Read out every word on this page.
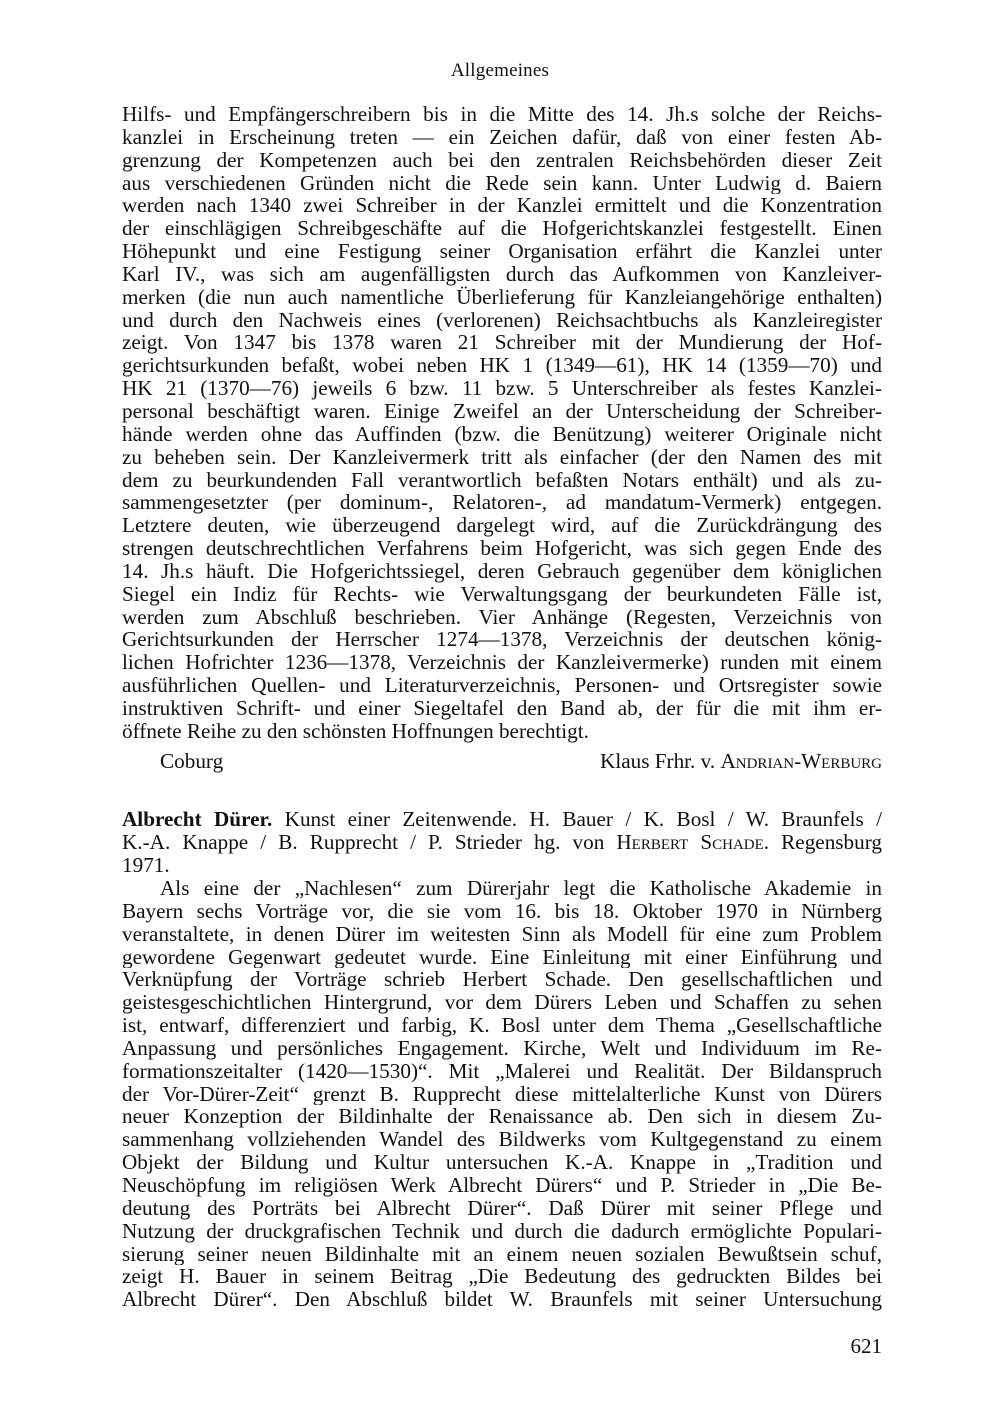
Allgemeines
Hilfs- und Empfängerschreibern bis in die Mitte des 14. Jh.s solche der Reichs-
kanzlei in Erscheinung treten — ein Zeichen dafür, daß von einer festen Ab-
grenzung der Kompetenzen auch bei den zentralen Reichsbehörden dieser Zeit
aus verschiedenen Gründen nicht die Rede sein kann. Unter Ludwig d. Baiern
werden nach 1340 zwei Schreiber in der Kanzlei ermittelt und die Konzentration
der einschlägigen Schreibgeschäfte auf die Hofgerichtskanzlei festgestellt. Einen
Höhepunkt und eine Festigung seiner Organisation erfährt die Kanzlei unter
Karl IV., was sich am augenfälligsten durch das Aufkommen von Kanzleiver-
merken (die nun auch namentliche Überlieferung für Kanzleiangehörige enthalten)
und durch den Nachweis eines (verlorenen) Reichsachtbuchs als Kanzleiregister
zeigt. Von 1347 bis 1378 waren 21 Schreiber mit der Mundierung der Hof-
gerichtsurkunden befaßt, wobei neben HK 1 (1349—61), HK 14 (1359—70) und
HK 21 (1370—76) jeweils 6 bzw. 11 bzw. 5 Unterschreiber als festes Kanzlei-
personal beschäftigt waren. Einige Zweifel an der Unterscheidung der Schreiber-
hände werden ohne das Auffinden (bzw. die Benützung) weiterer Originale nicht
zu beheben sein. Der Kanzleivermerk tritt als einfacher (der den Namen des mit
dem zu beurkundenden Fall verantwortlich befaßten Notars enthält) und als zu-
sammengesetzter (per dominum-, Relatoren-, ad mandatum-Vermerk) entgegen.
Letztere deuten, wie überzeugend dargelegt wird, auf die Zurückdrängung des
strengen deutschrechtlichen Verfahrens beim Hofgericht, was sich gegen Ende des
14. Jh.s häuft. Die Hofgerichtssiegel, deren Gebrauch gegenüber dem königlichen
Siegel ein Indiz für Rechts- wie Verwaltungsgang der beurkundeten Fälle ist,
werden zum Abschluß beschrieben. Vier Anhänge (Regesten, Verzeichnis von
Gerichtsurkunden der Herrscher 1274—1378, Verzeichnis der deutschen könig-
lichen Hofrichter 1236—1378, Verzeichnis der Kanzleivermerke) runden mit einem
ausführlichen Quellen- und Literaturverzeichnis, Personen- und Ortsregister sowie
instruktiven Schrift- und einer Siegeltafel den Band ab, der für die mit ihm er-
öffnete Reihe zu den schönsten Hoffnungen berechtigt.
Coburg	Klaus Frhr. v. Andrian-Werburg
Albrecht Dürer. Kunst einer Zeitenwende. H. Bauer / K. Bosl / W. Braunfels /
K.-A. Knappe / B. Rupprecht / P. Strieder hg. von Herbert Schade. Regensburg
1971.
Als eine der „Nachlesen“ zum Dürerjahr legt die Katholische Akademie in
Bayern sechs Vorträge vor, die sie vom 16. bis 18. Oktober 1970 in Nürnberg
veranstaltete, in denen Dürer im weitesten Sinn als Modell für eine zum Problem
gewordene Gegenwart gedeutet wurde. Eine Einleitung mit einer Einführung und
Verknüpfung der Vorträge schrieb Herbert Schade. Den gesellschaftlichen und
geistesgeschichtlichen Hintergrund, vor dem Dürers Leben und Schaffen zu sehen
ist, entwarf, differenziert und farbig, K. Bosl unter dem Thema „Gesellschaftliche
Anpassung und persönliches Engagement. Kirche, Welt und Individuum im Re-
formationszeitalter (1420—1530)“. Mit „Malerei und Realität. Der Bildanspruch
der Vor-Dürer-Zeit“ grenzt B. Rupprecht diese mittelalterliche Kunst von Dürers
neuer Konzeption der Bildinhalte der Renaissance ab. Den sich in diesem Zu-
sammenhang vollziehenden Wandel des Bildwerks vom Kultgegenstand zu einem
Objekt der Bildung und Kultur untersuchen K.-A. Knappe in „Tradition und
Neuschöpfung im religiösen Werk Albrecht Dürers“ und P. Strieder in „Die Be-
deutung des Porträts bei Albrecht Dürer“. Daß Dürer mit seiner Pflege und
Nutzung der druckgrafischen Technik und durch die dadurch ermöglichte Populari-
sierung seiner neuen Bildinhalte mit an einem neuen sozialen Bewußtsein schuf,
zeigt H. Bauer in seinem Beitrag „Die Bedeutung des gedruckten Bildes bei
Albrecht Dürer“. Den Abschluß bildet W. Braunfels mit seiner Untersuchung
621
